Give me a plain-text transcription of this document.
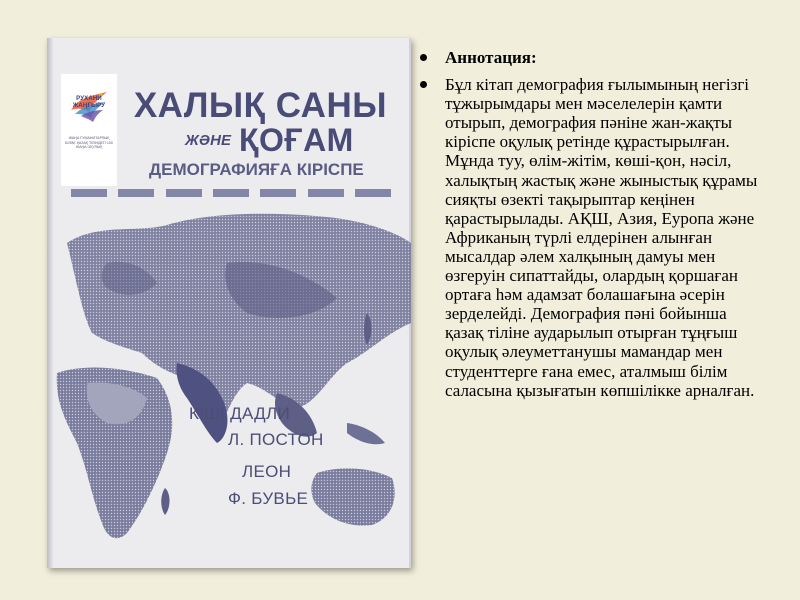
РУХАНИ
ЖАҢҒЫРУ
ЖАҢА ГУМАНИТАРЛЫҚ БІЛІМ. ҚАЗАҚ ТІЛІНДЕГІ 100 ЖАҢА ОҚУЛЫҚ
ХАЛЫҚ САНЫ
ЖӘНЕ ҚОҒАМ
ДЕМОГРАФИЯҒА КІРІСПЕ
КІШІ ДАДЛИ
Л. ПОСТОН
ЛЕОН
Ф. БУВЬЕ
Аннотация:

Бұл кітап демография ғылымының негізгі тұжырымдары мен мәселелерін қамти отырып, демография пәніне жан-жақты кіріспе оқулық ретінде құрастырылған. Мұнда туу, өлім-жітім, көші-қон, нәсіл, халықтың жастық және жыныстық құрамы сияқты өзекті тақырыптар кеңінен қарастырылады. АҚШ, Азия, Еуропа және Африканың түрлі елдерінен алынған мысалдар әлем халқының дамуы мен өзгеруін сипаттайды, олардың қоршаған ортаға һәм адамзат болашағына әсерін зерделейді. Демография пәні бойынша қазақ тіліне аударылып отырған тұңғыш оқулық әлеуметтанушы мамандар мен студенттерге ғана емес, аталмыш білім саласына қызығатын көпшілікке арналған.
